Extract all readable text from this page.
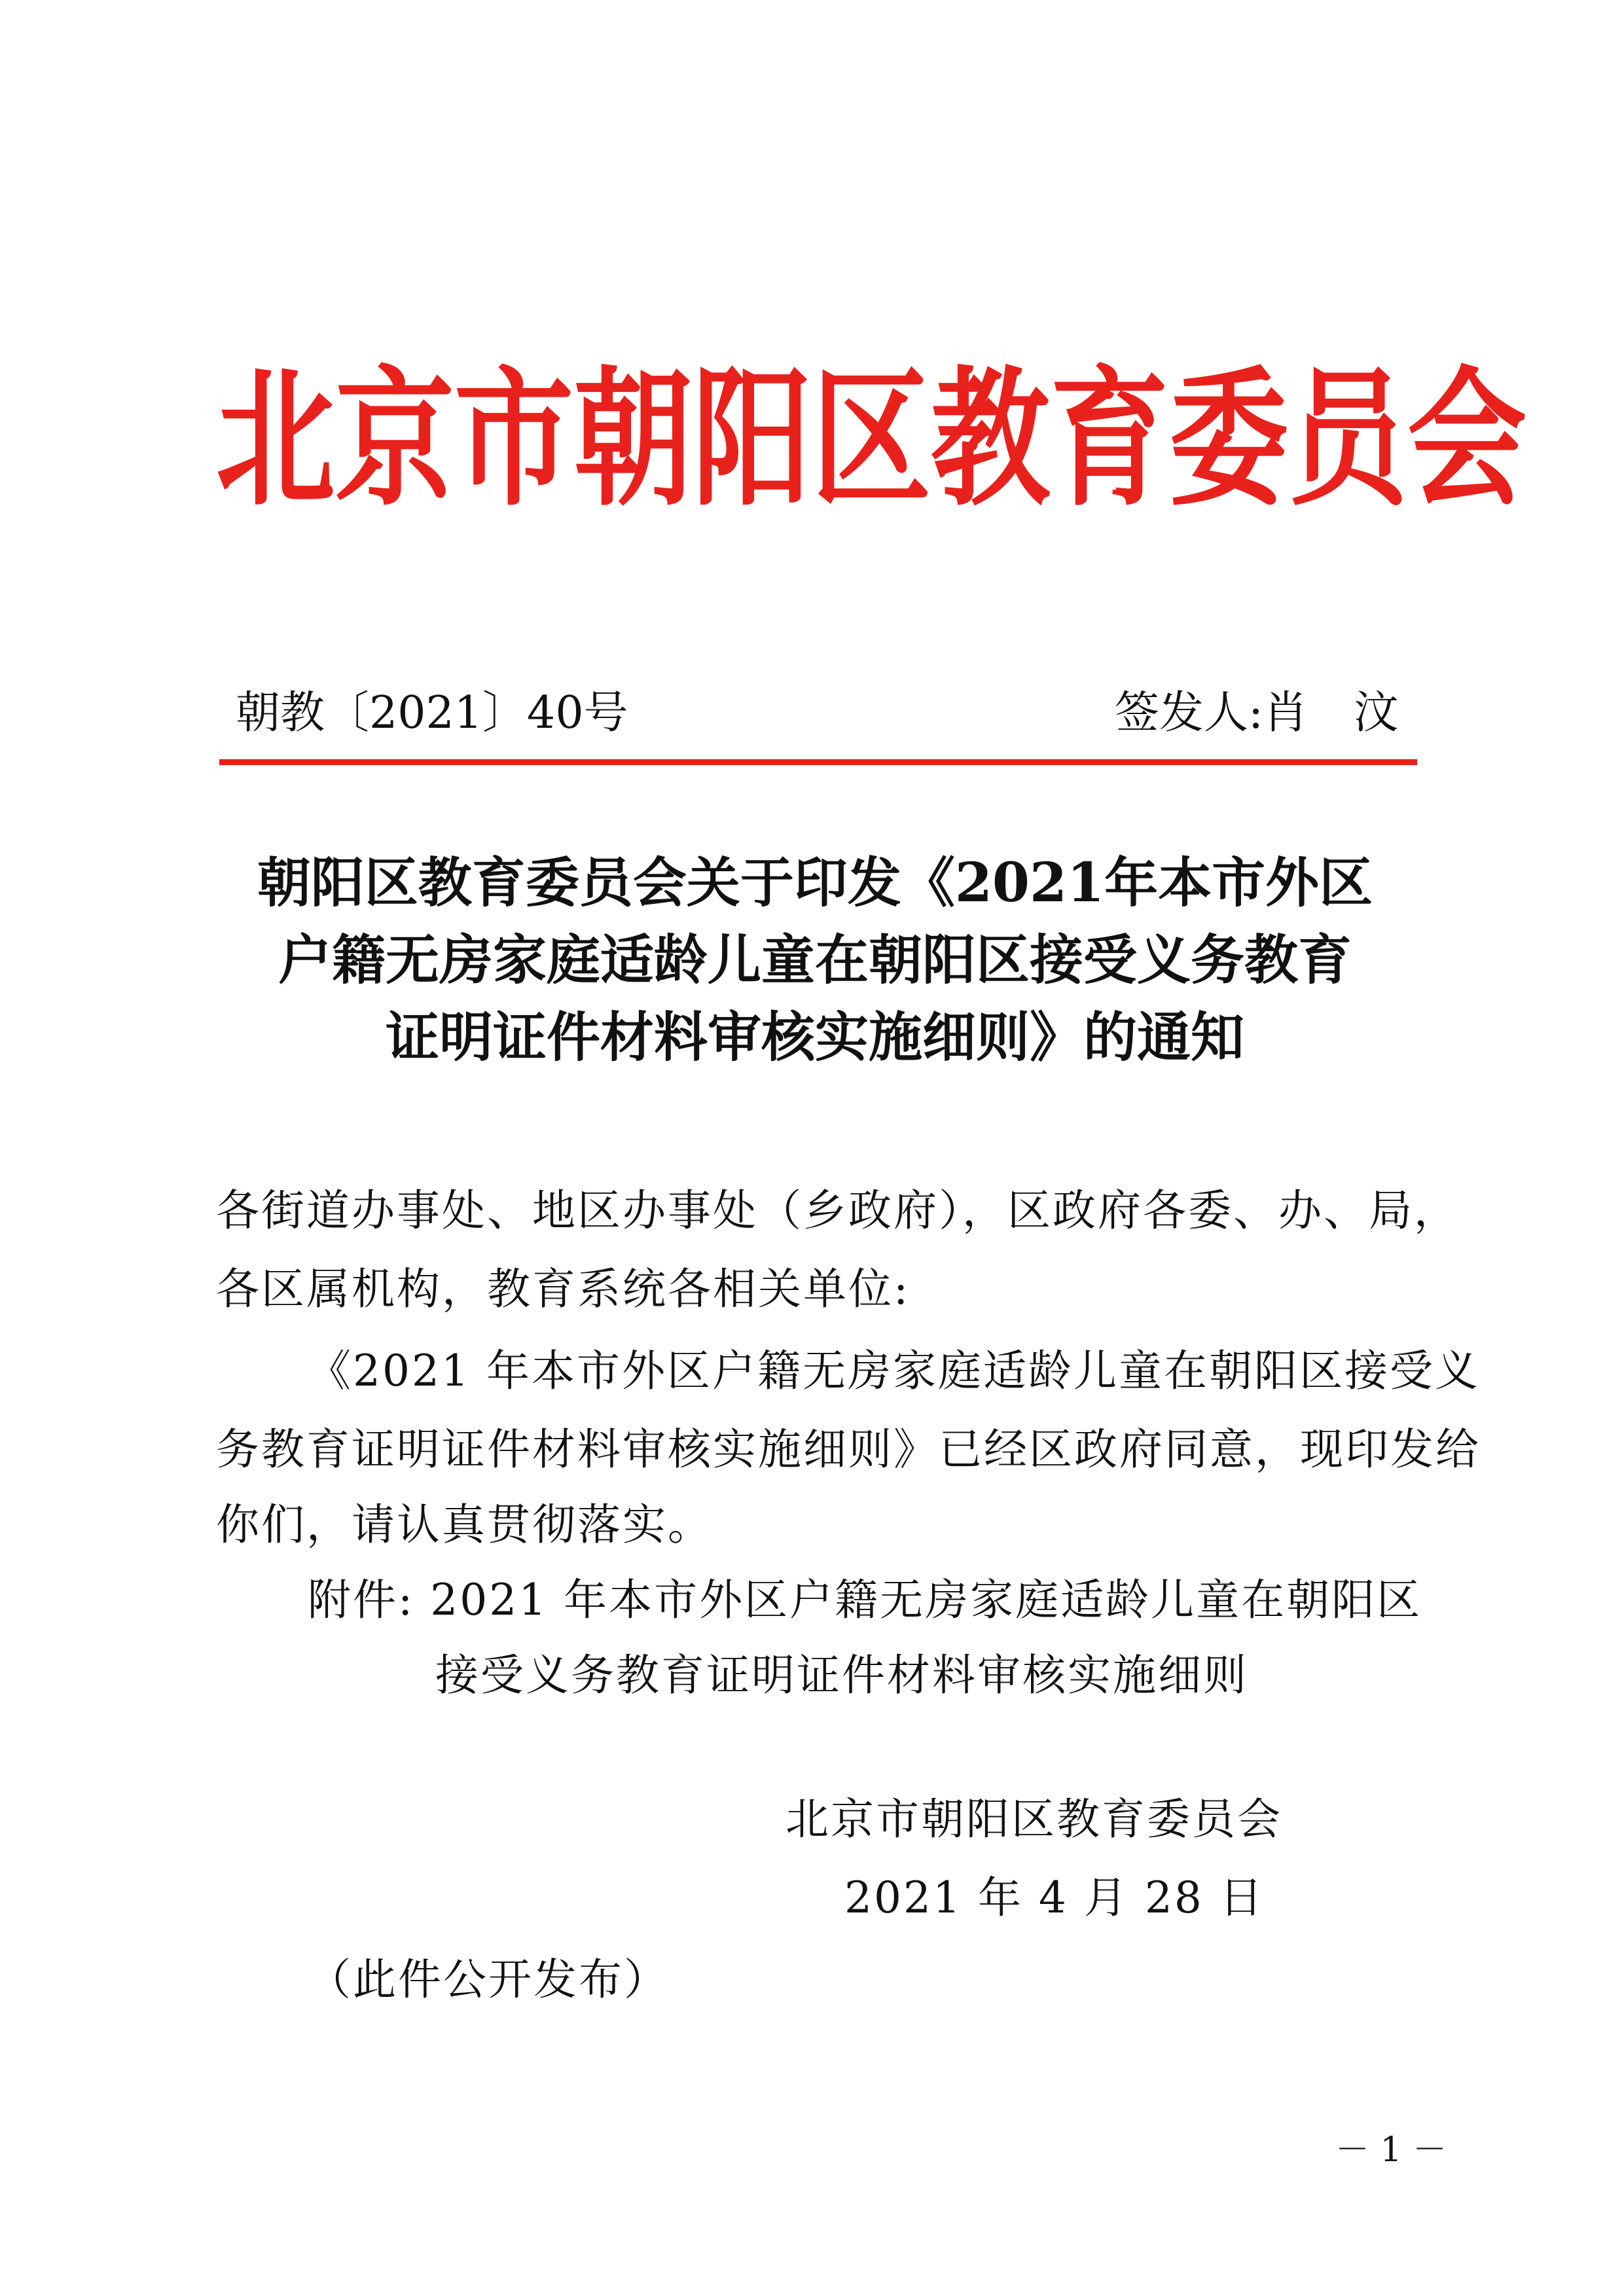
北 京 市 朝 阳 区 教 育 委 员 会
朝教〔2021〕40号	签发人:肖 汶
朝阳区教育委员会关于印发《2021年本市外区
户籍无房家庭适龄儿童在朝阳区接受义务教育
证明证件材料审核实施细则》的通知
各街道办事处、地区办事处（乡政府），区政府各委、办、局，
各区属机构，教育系统各相关单位:
《2021 年本市外区户籍无房家庭适龄儿童在朝阳区接受义
务教育证明证件材料审核实施细则》已经区政府同意，现印发给
你们，请认真贯彻落实。
附件: 2021 年本市外区户籍无房家庭适龄儿童在朝阳区
接受义务教育证明证件材料审核实施细则
北京市朝阳区教育委员会
2021 年 4 月 28 日
（此件公开发布）
－ 1 －
